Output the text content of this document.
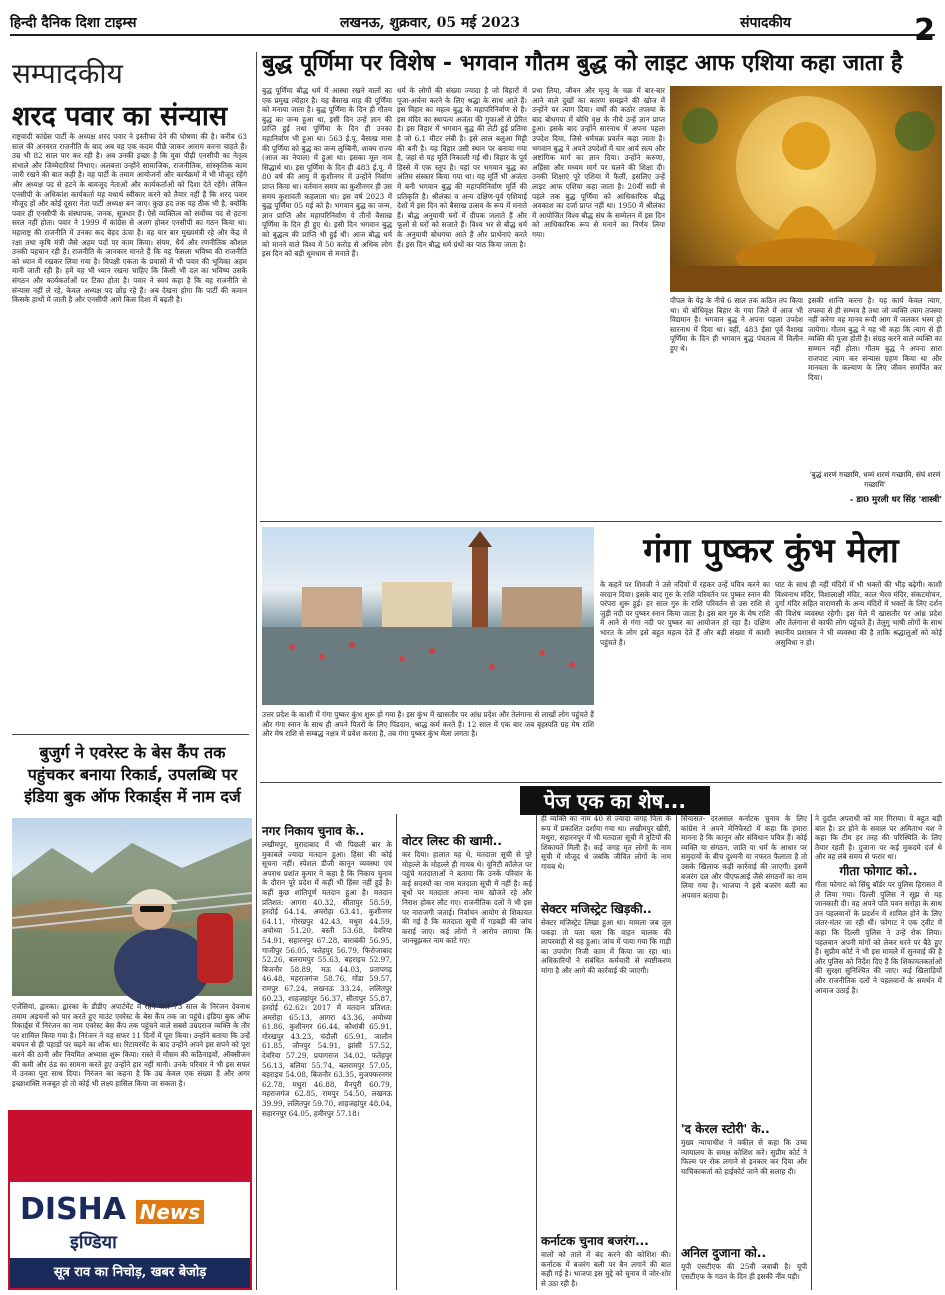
हिन्दी दैनिक दिशा टाइम्स	लखनऊ, शुक्रवार, 05 मई 2023	संपादकीय	2
सम्पादकीय
शरद पवार का संन्यास
राष्ट्रवादी कांग्रेस पार्टी के अध्यक्ष शरद पवार ने इस्तीफा देने की घोषणा की है। करीब 63 साल की अनवरत राजनीति के बाद अब वह एक कदम पीछे जाकर आराम करना चाहते हैं। उम्र भी 82 साल पार कर रही है। अब उनकी इच्छा है कि युवा पीढ़ी एनसीपी का नेतृत्व संभाले और जिम्मेदारियां निभाए। अलबत्ता उन्होंने सामाजिक, राजनीतिक, सांस्कृतिक काम जारी रखने की बात कही है। वह पार्टी के तमाम आयोजनों और कार्यक्रमों में भी मौजूद रहेंगे और अध्यक्ष पद से हटने के बावजूद नेताओं और कार्यकर्ताओं को दिशा देते रहेंगे। लेकिन एनसीपी के अधिकांश कार्यकर्ता यह यथार्थ स्वीकार करने को तैयार नहीं हैं कि शरद पवार मौजूद हों और कोई दूसरा नेता पार्टी अध्यक्ष बन जाए। कुछ हद तक यह ठीक भी है, क्योंकि पवार ही एनसीपी के संस्थापक, जनक, सूत्रधार हैं। ऐसे व्यक्तित्व को सर्वोच्च पद से हटना सरल नहीं होता। पवार ने 1999 में कांग्रेस से अलग होकर एनसीपी का गठन किया था। महाराष्ट्र की राजनीति में उनका कद बेहद ऊंचा है। वह चार बार मुख्यमंत्री रहे और केंद्र में रक्षा तथा कृषि मंत्री जैसे अहम पदों पर काम किया। संयम, धैर्य और रणनीतिक कौशल उनकी पहचान रही है। राजनीति के जानकार मानते हैं कि यह फैसला भविष्य की राजनीति को ध्यान में रखकर लिया गया है। विपक्षी एकता के प्रयासों में भी पवार की भूमिका अहम मानी जाती रही है। हमें यह भी ध्यान रखना चाहिए कि किसी भी दल का भविष्य उसके संगठन और कार्यकर्ताओं पर टिका होता है। पवार ने स्वयं कहा है कि वह राजनीति से संन्यास नहीं ले रहे, केवल अध्यक्ष पद छोड़ रहे हैं। अब देखना होगा कि पार्टी की कमान किसके हाथों में जाती है और एनसीपी आगे किस दिशा में बढ़ती है।
बुजुर्ग ने एवरेस्ट के बेस कैंप तक पहुंचकर बनाया रिकार्ड, उपलब्धि पर इंडिया बुक ऑफ रिकार्ड्स में नाम दर्ज
एजेंसियां, द्वारका। द्वारका के डीडीए अपार्टमेंट में रहने वाले 73 साल के निरंजन देवनाथ तमाम अड़चनों को पार करते हुए माउंट एवरेस्ट के बेस कैंप तक जा पहुंचे। इंडिया बुक ऑफ रिकार्ड्स में निरंजन का नाम एवरेस्ट बेस कैंप तक पहुंचने वाले सबसे उम्रदराज व्यक्ति के तौर पर शामिल किया गया है। निरंजन ने यह सफर 11 दिनों में पूरा किया। उन्होंने बताया कि उन्हें बचपन से ही पहाड़ों पर चढ़ने का शौक था। रिटायरमेंट के बाद उन्होंने अपने इस सपने को पूरा करने की ठानी और नियमित अभ्यास शुरू किया। रास्ते में मौसम की कठिनाइयों, ऑक्सीजन की कमी और ठंड का सामना करते हुए उन्होंने हार नहीं मानी। उनके परिवार ने भी इस सफर में उनका पूरा साथ दिया। निरंजन का कहना है कि उम्र केवल एक संख्या है और अगर इच्छाशक्ति मजबूत हो तो कोई भी लक्ष्य हासिल किया जा सकता है।
DISHA News
इण्डिया
सूत्र राव का निचोड़, खबर बेजोड़
बुद्ध पूर्णिमा पर विशेष - भगवान गौतम बुद्ध को लाइट आफ एशिया कहा जाता है
बुद्ध पूर्णिमा बौद्ध धर्म में आस्था रखने वालों का एक प्रमुख त्योहार है। यह बैसाख माह की पूर्णिमा को मनाया जाता है। बुद्ध पूर्णिमा के दिन ही गौतम बुद्ध का जन्म हुआ था, इसी दिन उन्हें ज्ञान की प्राप्ति हुई तथा पूर्णिमा के दिन ही उनका महानिर्वाण भी हुआ था। 563 ई.पू. बैसाख मास की पूर्णिमा को बुद्ध का जन्म लुम्बिनी, शाक्य राज्य (आज का नेपाल) में हुआ था। इसका मूल नाम सिद्धार्थ था। इस पूर्णिमा के दिन ही 483 ई.पू. में 80 वर्ष की आयु में कुशीनगर में उन्होंने निर्वाण प्राप्त किया था। वर्तमान समय का कुशीनगर ही उस समय कुशावती कहलाता था। इस वर्ष 2023 में बुद्ध पूर्णिमा 05 मई को है। भगवान बुद्ध का जन्म, ज्ञान प्राप्ति और महापरिनिर्वाण ये तीनों वैसाख पूर्णिमा के दिन ही हुए थे। इसी दिन भगवान बुद्ध को बुद्धत्व की प्राप्ति भी हुई थी। आज बौद्ध धर्म को मानने वाले विश्व में 50 करोड़ से अधिक लोग इस दिन को बड़ी धूमधाम से मनाते हैं।
धर्म के लोगों की संख्या ज्यादा है जो विहारों में पूजा-अर्चना करने के लिए श्रद्धा के साथ आते हैं। इस विहार का महत्व बुद्ध के महापरिनिर्वाण से है। इस मंदिर का स्थापत्य अजंता की गुफाओं से प्रेरित है। इस विहार में भगवान बुद्ध की लेटी हुई प्रतिमा है जो 6.1 मीटर लंबी है। इसे लाल बलुआ मिट्टी की बनी है। यह विहार उसी स्थान पर बनाया गया है, जहां से यह मूर्ति निकाली गई थी। विहार के पूर्व हिस्से में एक स्तूप है। यहां पर भगवान बुद्ध का अंतिम संस्कार किया गया था। यह मूर्ति भी अजंता में बनी भगवान बुद्ध की महापरिनिर्वाण मूर्ति की प्रतिकृति है। श्रीलंका व अन्य दक्षिण-पूर्व एशियाई देशों में इस दिन को बैसाख उत्सव के रूप में मनाते हैं। बौद्ध अनुयायी घरों में दीपक जलाते हैं और फूलों से घरों को सजाते हैं। विश्व भर से बौद्ध धर्म के अनुयायी बोधगया आते हैं और प्रार्थनाएं करते हैं। इस दिन बौद्ध धर्म ग्रंथों का पाठ किया जाता है।
प्रथा लिया, जीवन और मृत्यु के चक्र में बार-बार आने वाले दुखों का कारण समझने की खोज में उन्होंने घर त्याग दिया। वर्षों की कठोर तपस्या के बाद बोधगया में बोधि वृक्ष के नीचे उन्हें ज्ञान प्राप्त हुआ। इसके बाद उन्होंने सारनाथ में अपना पहला उपदेश दिया, जिसे धर्मचक्र प्रवर्तन कहा जाता है। भगवान बुद्ध ने अपने उपदेशों में चार आर्य सत्य और अष्टांगिक मार्ग का ज्ञान दिया। उन्होंने करुणा, अहिंसा और मध्यम मार्ग पर चलने की शिक्षा दी। उनकी शिक्षाएं पूरे एशिया में फैलीं, इसलिए उन्हें लाइट आफ एशिया कहा जाता है। 20वीं सदी से पहले तक बुद्ध पूर्णिमा को आधिकारिक बौद्ध अवकाश का दर्जा प्राप्त नहीं था। 1950 में श्रीलंका में आयोजित विश्व बौद्ध संघ के सम्मेलन में इस दिन को आधिकारिक रूप से मनाने का निर्णय लिया गया।
पीपल के पेड़ के नीचे 6 साल तक कठिन तप किया था। वो बोधिवृक्ष बिहार के गया जिले में आज भी विद्यमान है। भगवान बुद्ध ने अपना पहला उपदेश सारनाथ में दिया था। यहीं, 483 ईसा पूर्व वैशाख पूर्णिमा के दिन ही भगवान बुद्ध पंचतत्व में विलीन हुए थे।
इसकी शान्ति करना है। यह कार्य केवल त्याग, तपस्या से ही सम्भव है तथा जो व्यक्ति त्याग तपस्या नहीं करेगा वह मानव रूपी आग में जलकर भस्म हो जायेगा। गौतम बुद्ध ने यह भी कहा कि त्याग से ही व्यक्ति की पूजा होती है। संग्रह करने वाले व्यक्ति का सम्मान नहीं होता। गौतम बुद्ध ने अपना सारा राजपाट त्याग कर संन्यास ग्रहण किया था और मानवता के कल्याण के लिए जीवन समर्पित कर दिया।
'बुद्धं शरणं गच्छामि, धम्मं शरणं गच्छामि, संघं शरणं गच्छामि'
- डा0 मुरली धर सिंह 'शास्त्री'
गंगा पुष्कर कुंभ मेला
उत्तर प्रदेश के काशी में गंगा पुष्कर कुंभ शुरू हो गया है। इस कुंभ में खासतौर पर आंध्र प्रदेश और तेलंगाना से लाखों लोग पहुंचते हैं और गंगा स्नान के साथ ही अपने पितरों के लिए पिंडदान, श्राद्ध कर्म करते हैं। 12 साल में एक बार जब बृहस्पति ग्रह मेष राशि और मेष राशि से सम्बद्ध नक्षत्र में प्रवेश करता है, तब गंगा पुष्कर कुंभ मेला लगता है।
के कहने पर शिवजी ने उसे नदियों में रहकर उन्हें पवित्र करने का वरदान दिया। इसके बाद गुरु के राशि परिवर्तन पर पुष्कर स्नान की परंपरा शुरू हुई। हर साल गुरु के राशि परिवर्तन से उस राशि से जुड़ी नदी पर पुष्कर स्नान किया जाता है। इस बार गुरु के मेष राशि में आने से गंगा नदी पर पुष्कर का आयोजन हो रहा है। दक्षिण भारत के लोग इसे बहुत महत्व देते हैं और बड़ी संख्या में काशी पहुंचते हैं।
घाट के साथ ही नहीं मंदिरों में भी भक्तों की भीड़ बढ़ेगी। काशी विश्वनाथ मंदिर, विशालाक्षी मंदिर, काल भैरव मंदिर, संकटमोचन, दुर्गा मंदिर सहित वाराणसी के अन्य मंदिरों में भक्तों के लिए दर्शन की विशेष व्यवस्था रहेगी। इस मेले में खासतौर पर आंध्र प्रदेश और तेलंगाना से काफी लोग पहुंचते हैं। तेलुगु भाषी लोगों के साथ स्थानीय प्रशासन ने भी व्यवस्था की है ताकि श्रद्धालुओं को कोई असुविधा न हो।
पेज एक का शेष...
नगर निकाय चुनाव के..
लखीमपुर, मुरादाबाद में भी पिछली बार के मुकाबले ज्यादा मतदान हुआ। हिंसा की कोई सूचना नहीं। स्पेशल डीजी कानून व्यवस्था एवं अपराध प्रशांत कुमार ने कहा है कि निकाय चुनाव के दौरान पूरे प्रदेश में कहीं भी हिंसा नहीं हुई है। कहीं कुछ शांतिपूर्ण मतदान हुआ है। मतदान प्रतिशत: आगरा 40.32, सीतापुर 58.59, हरदोई 64.14, अमरोहा 63.41, कुशीनगर 64.11, गोरखपुर 42.43, मथुरा 44.59, अयोध्या 51.20, बस्ती 53.68, देवरिया 54.91, सहारनपुर 67.28, बाराबंकी 56.95, गाजीपुर 56.05, फतेहपुर 56.79, फिरोजाबाद 52.26, बलरामपुर 55.63, बहराइच 52.97, बिजनौर 58.89, मऊ 44.03, प्रतापगढ़ 46.48, महराजगंज 58.76, गोंडा 59.57, रामपुर 67.24, लखनऊ 33.24, ललितपुर 60.23, शाहजहांपुर 56.37, सीतापुर 55.87, हरदोई 62.62। 2017 में मतदान प्रतिशत: अमरोहा 65.13, आगरा 43.36, अयोध्या 61.86, कुशीनगर 66.44, कौशांबी 65.91, गोरखपुर 43.23, चंदौली 65.91, जालौन 61.85, जौनपुर 54.91, झांसी 57.52, देवरिया 57.29, प्रयागराज 34.02, फतेहपुर 56.13, बलिया 55.74, बलरामपुर 57.05, बहराइच 54.08, बिजनौर 63.35, मुजफ्फरनगर 62.78, मथुरा 46.88, मैनपुरी 60.79, महराजगंज 62.85, रामपुर 54.50, लखनऊ 39.99, ललितपुर 59.70, शाहजहांपुर 48.04, सहारनपुर 64.05, हमीरपुर 57.18।
वोटर लिस्ट की खामी..
कर दिया। हालात यह थे, मतदाता सूची से पूरे मोहल्ले के मोहल्ले ही गायब थे। यूनिटी कॉलेज पर पहुंचे मतदाताओं ने बताया कि उनके परिवार के कई सदस्यों का नाम मतदाता सूची में नहीं है। कई बूथों पर मतदाता अपना नाम खोजते रहे और निराश होकर लौट गए। राजनीतिक दलों ने भी इस पर नाराजगी जताई। निर्वाचन आयोग से शिकायत की गई है कि मतदाता सूची में गड़बड़ी की जांच कराई जाए। कई लोगों ने आरोप लगाया कि जानबूझकर नाम काटे गए।
ही व्यक्ति का नाम 40 से ज्यादा जगह पिता के रूप में प्रकाशित दर्शाया गया था। लखीमपुर खीरी, मथुरा, सहारनपुर में भी मतदाता सूची में त्रुटियों की शिकायतें मिली हैं। कई जगह मृत लोगों के नाम सूची में मौजूद थे जबकि जीवित लोगों के नाम गायब थे।
सेक्टर मजिस्ट्रेट खिड़की..
सेक्टर मजिस्ट्रेट लिखा हुआ था। मामला जब तूल पकड़ा तो पता चला कि वाहन चालक की लापरवाही से यह हुआ। जांच में पाया गया कि गाड़ी का उपयोग निजी काम में किया जा रहा था। अधिकारियों ने संबंधित कर्मचारी से स्पष्टीकरण मांगा है और आगे की कार्रवाई की जाएगी।
कर्नाटक चुनाव बजरंग...
वालों को ताले में बंद करने की कोशिश की। कर्नाटक में बजरंग बली पर बैन लगाने की बात कही गई है। भाजपा इस मुद्दे को चुनाव में जोर-शोर से उठा रही है।
सियासत- दरअसल कर्नाटक चुनाव के लिए कांग्रेस ने अपने मेनिफेस्टो में कहा कि हमारा मानना है कि कानून और संविधान पवित्र हैं। कोई व्यक्ति या संगठन, जाति या धर्म के आधार पर समुदायों के बीच दुश्मनी या नफरत फैलाता है तो उसके खिलाफ कड़ी कार्रवाई की जाएगी। इसमें बजरंग दल और पीएफआई जैसे संगठनों का नाम लिया गया है। भाजपा ने इसे बजरंग बली का अपमान बताया है।
'द केरल स्टोरी' के..
मुख्य न्यायाधीश ने वकील से कहा कि उच्च न्यायालय के समक्ष कोशिश करें। सुप्रीम कोर्ट ने फिल्म पर रोक लगाने से इनकार कर दिया और याचिकाकर्ता को हाईकोर्ट जाने की सलाह दी।
अनिल दुजाना को..
यूपी एसटीएफ की 25वीं जवाबी है। यूपी एसटीएफ के गठन के दिन ही इसकी नींव पड़ी।
ने दुर्दांत अपराधी को मार गिराया। ये बहुत बड़ी बात है। डर होने के सवाल पर अमिताभ यश ने कहा कि टीम हर तरह की परिस्थिति के लिए तैयार रहती है। दुजाना पर कई मुकदमे दर्ज थे और वह लंबे समय से फरार था।
गीता फोगाट को..
गीता फोगाट को सिंघु बॉर्डर पर पुलिस हिरासत में ले लिया गया। दिल्ली पुलिस ने सूझ से यह जानकारी दी। वह अपने पति पवन सरोहा के साथ उन पहलवानों के प्रदर्शन में शामिल होने के लिए जंतर-मंतर जा रही थीं। फोगाट ने एक ट्वीट में कहा कि दिल्ली पुलिस ने उन्हें रोक लिया। पहलवान अपनी मांगों को लेकर धरने पर बैठे हुए हैं। सुप्रीम कोर्ट ने भी इस मामले में सुनवाई की है और पुलिस को निर्देश दिए हैं कि शिकायतकर्ताओं की सुरक्षा सुनिश्चित की जाए। कई खिलाड़ियों और राजनीतिक दलों ने पहलवानों के समर्थन में आवाज उठाई है।
